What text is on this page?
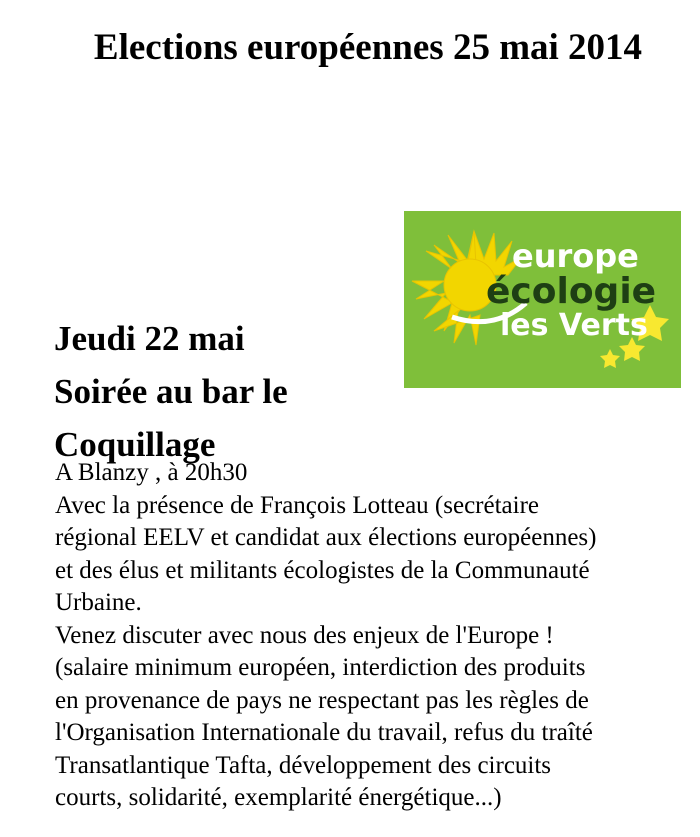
Elections européennes 25 mai 2014
europe
écologie
les Verts
Jeudi 22 mai
Soirée au bar le
Coquillage
A Blanzy , à 20h30
Avec la présence de François Lotteau (secrétaire
régional EELV et candidat aux élections européennes)
et des élus et militants écologistes de la Communauté
Urbaine.
Venez discuter avec nous des enjeux de l'Europe !
(salaire minimum européen, interdiction des produits
en provenance de pays ne respectant pas les règles de
l'Organisation Internationale du travail, refus du traîté
Transatlantique Tafta, développement des circuits
courts, solidarité, exemplarité énergétique...)
